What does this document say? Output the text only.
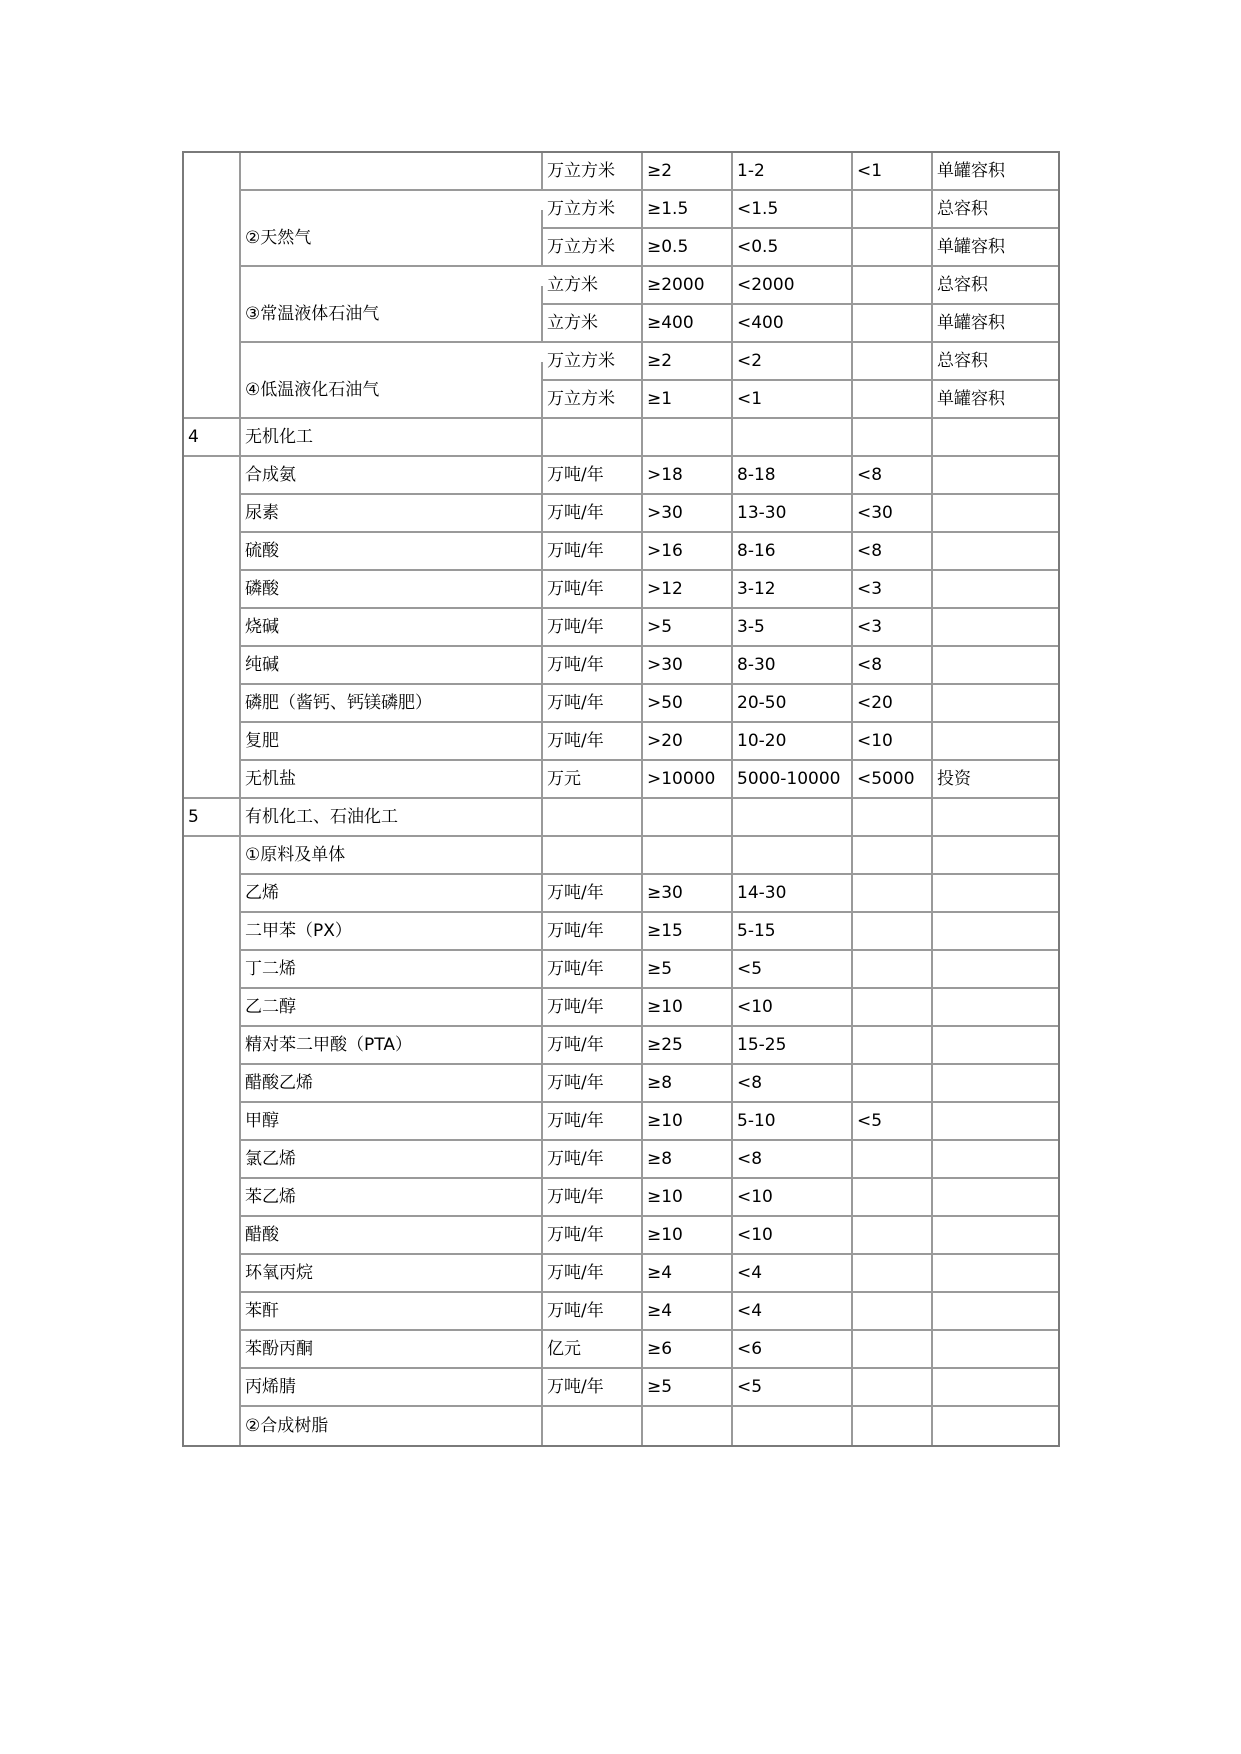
		万立方米	≥2	1-2	<1	单罐容积
	②天然气	万立方米	≥1.5	<1.5		总容积
		万立方米	≥0.5	<0.5		单罐容积
	③常温液体石油气	立方米	≥2000	<2000		总容积
		立方米	≥400	<400		单罐容积
	④低温液化石油气	万立方米	≥2	<2		总容积
		万立方米	≥1	<1		单罐容积
4	无机化工					
	合成氨	万吨/年	>18	8-18	<8	
	尿素	万吨/年	>30	13-30	<30	
	硫酸	万吨/年	>16	8-16	<8	
	磷酸	万吨/年	>12	3-12	<3	
	烧碱	万吨/年	>5	3-5	<3	
	纯碱	万吨/年	>30	8-30	<8	
	磷肥（酱钙、钙镁磷肥）	万吨/年	>50	20-50	<20	
	复肥	万吨/年	>20	10-20	<10	
	无机盐	万元	>10000	5000-10000	<5000	投资
5	有机化工、石油化工					
	①原料及单体					
	乙烯	万吨/年	≥30	14-30		
	二甲苯（PX）	万吨/年	≥15	5-15		
	丁二烯	万吨/年	≥5	<5		
	乙二醇	万吨/年	≥10	<10		
	精对苯二甲酸（PTA）	万吨/年	≥25	15-25		
	醋酸乙烯	万吨/年	≥8	<8		
	甲醇	万吨/年	≥10	5-10	<5	
	氯乙烯	万吨/年	≥8	<8		
	苯乙烯	万吨/年	≥10	<10		
	醋酸	万吨/年	≥10	<10		
	环氧丙烷	万吨/年	≥4	<4		
	苯酐	万吨/年	≥4	<4		
	苯酚丙酮	亿元	≥6	<6		
	丙烯腈	万吨/年	≥5	<5		
	②合成树脂					
